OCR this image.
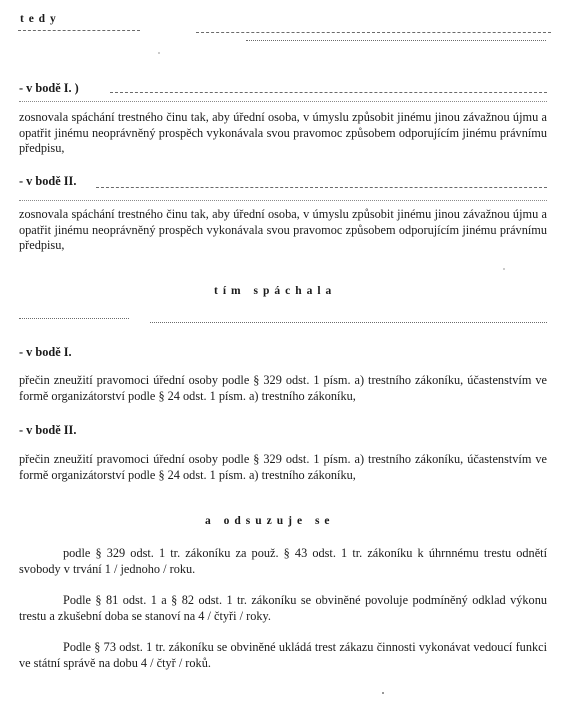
t e d y
- v bodě I. )
zosnovala spáchání trestného činu tak, aby úřední osoba, v úmyslu způsobit jinému jinou závažnou újmu a opatřit jinému neoprávněný prospěch vykonávala svou pravomoc způsobem odporujícím jinému právnímu předpisu,
- v bodě II.
zosnovala spáchání trestného činu tak, aby úřední osoba, v úmyslu způsobit jinému jinou závažnou újmu a opatřit jinému neoprávněný prospěch vykonávala svou pravomoc způsobem odporujícím jinému právnímu předpisu,
tím spáchala
- v bodě I.
přečin zneužití pravomoci úřední osoby podle § 329 odst. 1 písm. a) trestního zákoníku, účastenstvím ve formě organizátorství podle § 24 odst. 1 písm. a) trestního zákoníku,
- v bodě II.
přečin zneužití pravomoci úřední osoby podle § 329 odst. 1 písm. a) trestního zákoníku, účastenstvím ve formě organizátorství podle § 24 odst. 1 písm. a) trestního zákoníku,
a odsuzuje se
podle § 329 odst. 1 tr. zákoníku za použ. § 43 odst. 1 tr. zákoníku k úhrnnému trestu odnětí svobody v trvání 1 / jednoho / roku.
Podle § 81 odst. 1 a § 82 odst. 1 tr. zákoníku se obviněné povoluje podmíněný odklad výkonu trestu a zkušební doba se stanoví na 4 / čtyři / roky.
Podle § 73 odst. 1 tr. zákoníku se obviněné ukládá trest zákazu činnosti vykonávat vedoucí funkci ve státní správě na dobu 4 / čtyř / roků.
